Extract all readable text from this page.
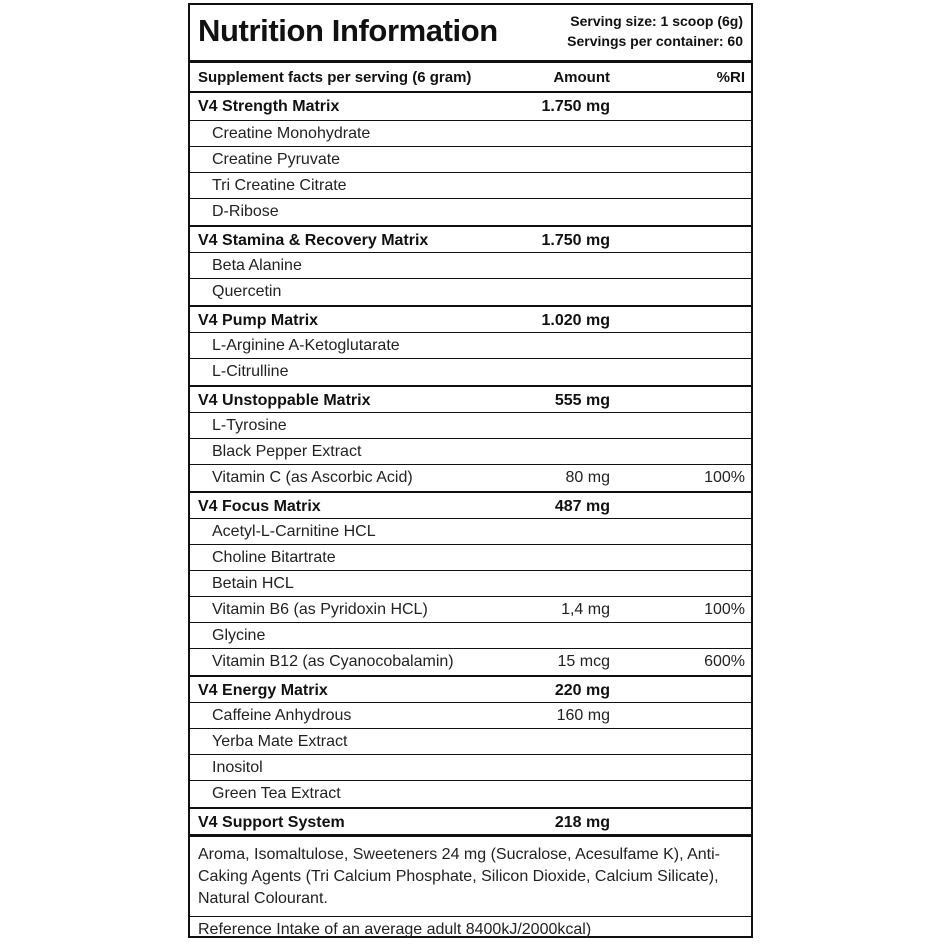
Nutrition Information	Serving size: 1 scoop (6g)
Servings per container: 60
Supplement facts per serving (6 gram)	Amount	%RI
V4 Strength Matrix	1.750 mg
Creatine Monohydrate
Creatine Pyruvate
Tri Creatine Citrate
D-Ribose
V4 Stamina & Recovery Matrix	1.750 mg
Beta Alanine
Quercetin
V4 Pump Matrix	1.020 mg
L-Arginine A-Ketoglutarate
L-Citrulline
V4 Unstoppable Matrix	555 mg
L-Tyrosine
Black Pepper Extract
Vitamin C (as Ascorbic Acid)	80 mg	100%
V4 Focus Matrix	487 mg
Acetyl-L-Carnitine HCL
Choline Bitartrate
Betain HCL
Vitamin B6 (as Pyridoxin HCL)	1,4 mg	100%
Glycine
Vitamin B12 (as Cyanocobalamin)	15 mcg	600%
V4 Energy Matrix	220 mg
Caffeine Anhydrous	160 mg
Yerba Mate Extract
Inositol
Green Tea Extract
V4 Support System	218 mg
Aroma, Isomaltulose, Sweeteners 24 mg (Sucralose, Acesulfame K), Anti-Caking Agents (Tri Calcium Phosphate, Silicon Dioxide, Calcium Silicate), Natural Colourant.
Reference Intake of an average adult 8400kJ/2000kcal)
